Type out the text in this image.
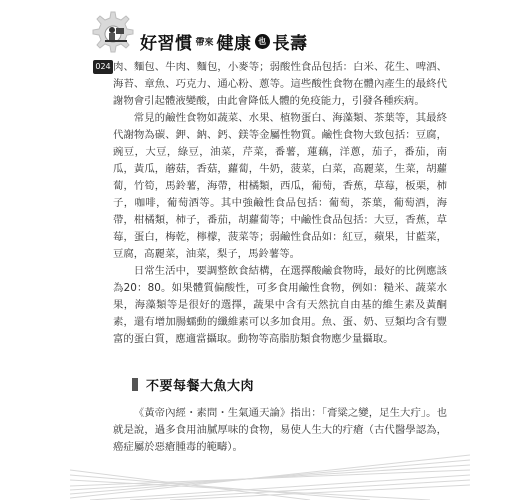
024
好習慣 帶來 健康 也 長壽

肉、麵包、牛肉、麵包，小麥等；弱酸性食品包括：白米、花生、啤酒、海苔、章魚、巧克力、通心粉、蔥等。這些酸性食物在體內產生的最終代謝物會引起體液變酸，由此會降低人體的免疫能力，引發各種疾病。

常見的鹼性食物如蔬菜、水果、植物蛋白、海藻類、茶葉等，其最終代謝物為碳、鉀、鈉、鈣、鎂等金屬性物質。鹼性食物大致包括：豆腐，豌豆，大豆，綠豆，油菜，芹菜，番薯，蓮藕，洋蔥，茄子，番茄，南瓜，黃瓜，蘑菇，香菇，蘿蔔，牛奶，菠菜，白菜，高麗菜，生菜，胡蘿蔔，竹筍，馬鈴薯，海帶，柑橘類，西瓜，葡萄，香蕉，草莓，板栗，柿子，咖啡，葡萄酒等。其中強鹼性食品包括：葡萄，茶葉，葡萄酒，海帶，柑橘類，柿子，番茄，胡蘿蔔等；中鹼性食品包括：大豆，香蕉，草莓，蛋白，梅乾，檸檬，菠菜等；弱鹼性食品如：紅豆，蘋果，甘藍菜，豆腐，高麗菜，油菜，梨子，馬鈴薯等。

日常生活中，要調整飲食結構，在選擇酸鹼食物時，最好的比例應該為20：80。如果體質偏酸性，可多食用鹼性食物，例如：糙米、蔬菜水果，海藻類等是很好的選擇，蔬果中含有天然抗自由基的維生素及黃酮素，還有增加腸蠕動的纖維素可以多加食用。魚、蛋、奶、豆類均含有豐富的蛋白質，應適當攝取。動物等高脂肪類食物應少量攝取。

不要每餐大魚大肉

《黃帝內經・素問・生氣通天論》指出：「膏粱之變，足生大疔」。也就是說，過多食用油膩厚味的食物，易使人生大的疔瘡（古代醫學認為，癌症屬於惡瘡腫毒的範疇）。
